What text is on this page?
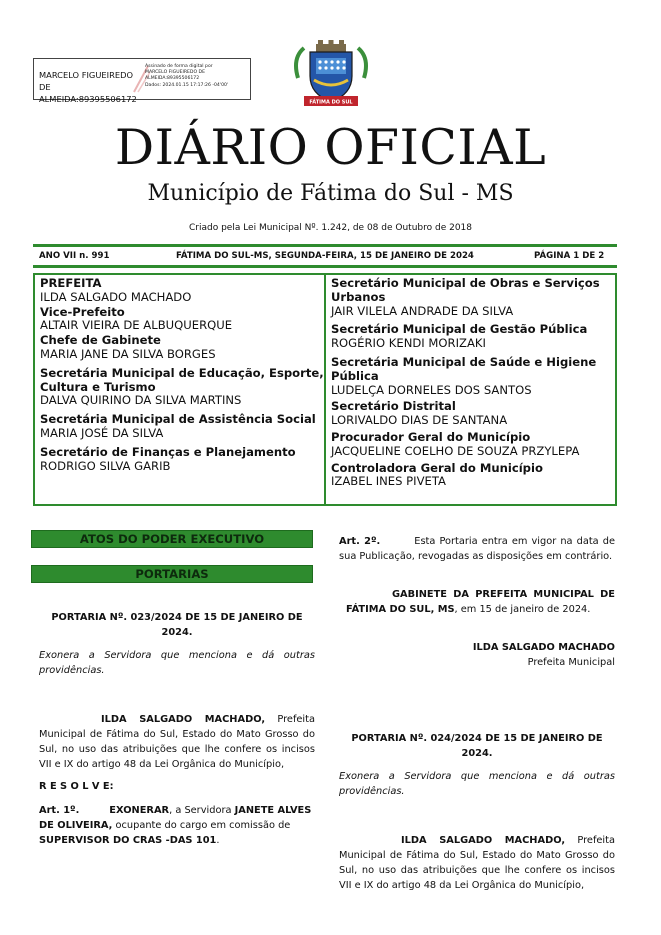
MARCELO FIGUEIREDO DE ALMEIDA:89395506172
Assinado de forma digital por
MARCELO FIGUEIREDO DE
ALMEIDA:89395506172
Dados: 2024.01.15 17:17:26 -04'00'
FÁTIMA DO SUL
DIÁRIO OFICIAL
Município de Fátima do Sul - MS
Criado pela Lei Municipal Nº. 1.242, de 08 de Outubro de 2018
ANO VII n. 991	FÁTIMA DO SUL-MS, SEGUNDA-FEIRA, 15 DE JANEIRO DE 2024	PÁGINA 1 DE 2
PREFEITA
ILDA SALGADO MACHADO
Vice-Prefeito
ALTAIR VIEIRA DE ALBUQUERQUE
Chefe de Gabinete
MARIA JANE DA SILVA BORGES
Secretária Municipal de Educação, Esporte, Cultura e Turismo
DALVA QUIRINO DA SILVA MARTINS
Secretária Municipal de Assistência Social
MARIA JOSÉ DA SILVA
Secretário de Finanças e Planejamento
RODRIGO SILVA GARIB
Secretário Municipal de Obras e Serviços Urbanos
JAIR VILELA ANDRADE DA SILVA
Secretário Municipal de Gestão Pública
ROGÉRIO KENDI MORIZAKI
Secretária Municipal de Saúde e Higiene Pública
LUDELÇA DORNELES DOS SANTOS
Secretário Distrital
LORIVALDO DIAS DE SANTANA
Procurador Geral do Município
JACQUELINE COELHO DE SOUZA PRZYLEPA
Controladora Geral do Município
IZABEL INES PIVETA
ATOS DO PODER EXECUTIVO
PORTARIAS
PORTARIA Nº. 023/2024 DE 15 DE JANEIRO DE 2024.
Exonera a Servidora que menciona e dá outras providências.
ILDA SALGADO MACHADO, Prefeita Municipal de Fátima do Sul, Estado do Mato Grosso do Sul, no uso das atribuições que lhe confere os incisos VII e IX do artigo 48 da Lei Orgânica do Município,
R E S O L V E:
Art. 1º.	EXONERAR, a Servidora JANETE ALVES DE OLIVEIRA, ocupante do cargo em comissão de SUPERVISOR DO CRAS -DAS 101.
Art. 2º.	Esta Portaria entra em vigor na data de sua Publicação, revogadas as disposições em contrário.
GABINETE DA PREFEITA MUNICIPAL DE FÁTIMA DO SUL, MS, em 15 de janeiro de 2024.
ILDA SALGADO MACHADO
Prefeita Municipal
PORTARIA Nº. 024/2024 DE 15 DE JANEIRO DE 2024.
Exonera a Servidora que menciona e dá outras providências.
ILDA SALGADO MACHADO, Prefeita Municipal de Fátima do Sul, Estado do Mato Grosso do Sul, no uso das atribuições que lhe confere os incisos VII e IX do artigo 48 da Lei Orgânica do Município,
